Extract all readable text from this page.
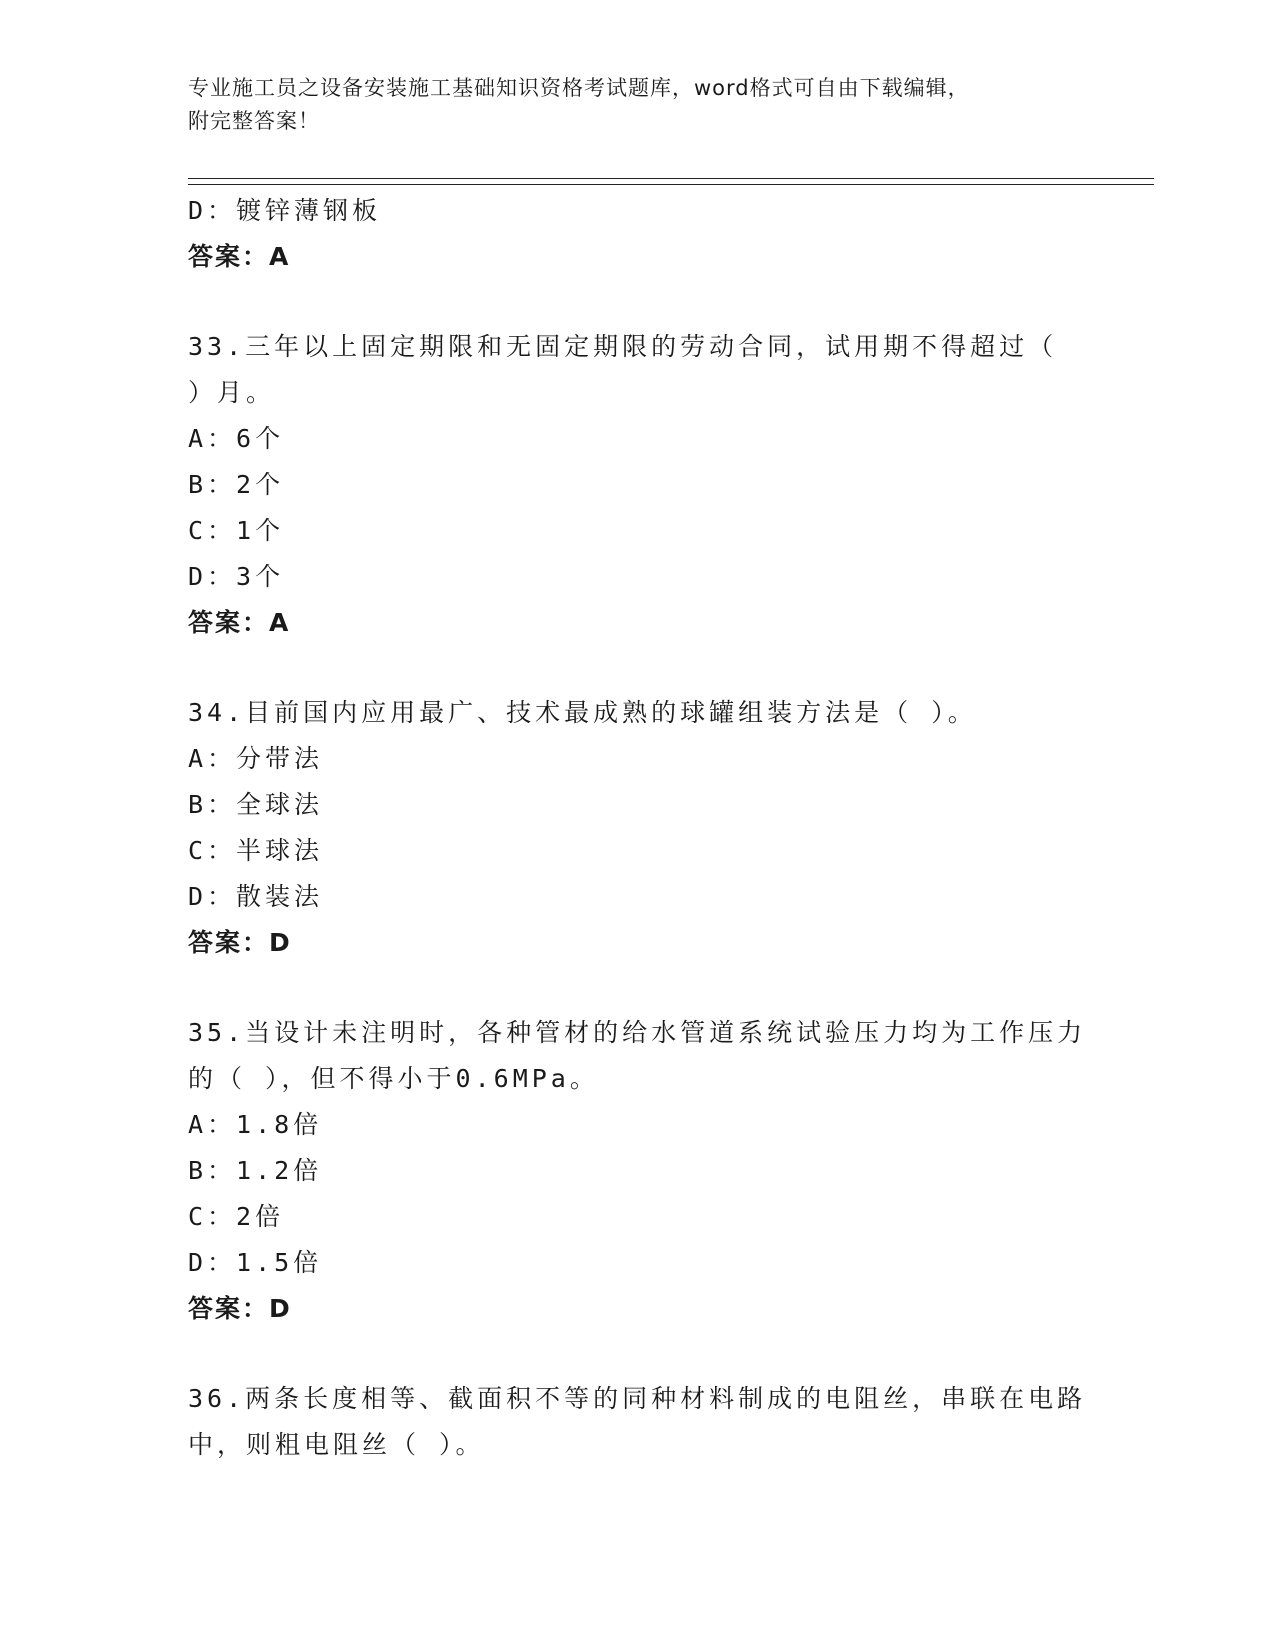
专业施工员之设备安装施工基础知识资格考试题库，word格式可自由下载编辑，
附完整答案！
D：镀锌薄钢板
答案：A
33.三年以上固定期限和无固定期限的劳动合同，试用期不得超过（
）月。
A：6个
B：2个
C：1个
D：3个
答案：A
34.目前国内应用最广、技术最成熟的球罐组装方法是（ ）。
A：分带法
B：全球法
C：半球法
D：散装法
答案：D
35.当设计未注明时，各种管材的给水管道系统试验压力均为工作压力
的（ ），但不得小于0.6MPa。
A：1.8倍
B：1.2倍
C：2倍
D：1.5倍
答案：D
36.两条长度相等、截面积不等的同种材料制成的电阻丝，串联在电路
中，则粗电阻丝（ ）。
